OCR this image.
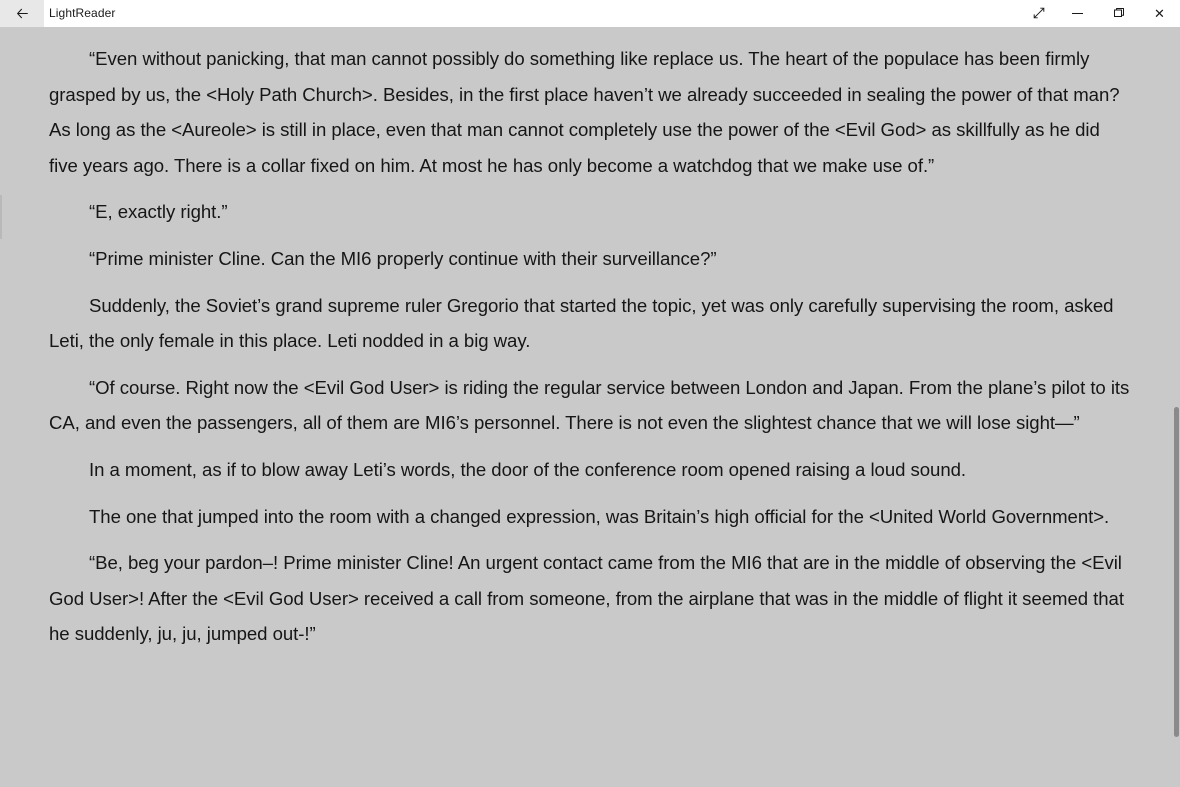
LightReader	✕

“Even without panicking, that man cannot possibly do something like replace us. The heart of the populace has been firmly grasped by us, the <Holy Path Church>. Besides, in the first place haven’t we already succeeded in sealing the power of that man? As long as the <Aureole> is still in place, even that man cannot completely use the power of the <Evil God> as skillfully as he did five years ago. There is a collar fixed on him. At most he has only become a watchdog that we make use of.”

“E, exactly right.”

“Prime minister Cline. Can the MI6 properly continue with their surveillance?”

Suddenly, the Soviet’s grand supreme ruler Gregorio that started the topic, yet was only carefully supervising the room, asked Leti, the only female in this place. Leti nodded in a big way.

“Of course. Right now the <Evil God User> is riding the regular service between London and Japan. From the plane’s pilot to its CA, and even the passengers, all of them are MI6’s personnel. There is not even the slightest chance that we will lose sight—”

In a moment, as if to blow away Leti’s words, the door of the conference room opened raising a loud sound.

The one that jumped into the room with a changed expression, was Britain’s high official for the <United World Government>.

“Be, beg your pardon–! Prime minister Cline! An urgent contact came from the MI6 that are in the middle of observing the <Evil God User>! After the <Evil God User> received a call from someone, from the airplane that was in the middle of flight it seemed that he suddenly, ju, ju, jumped out-!”
